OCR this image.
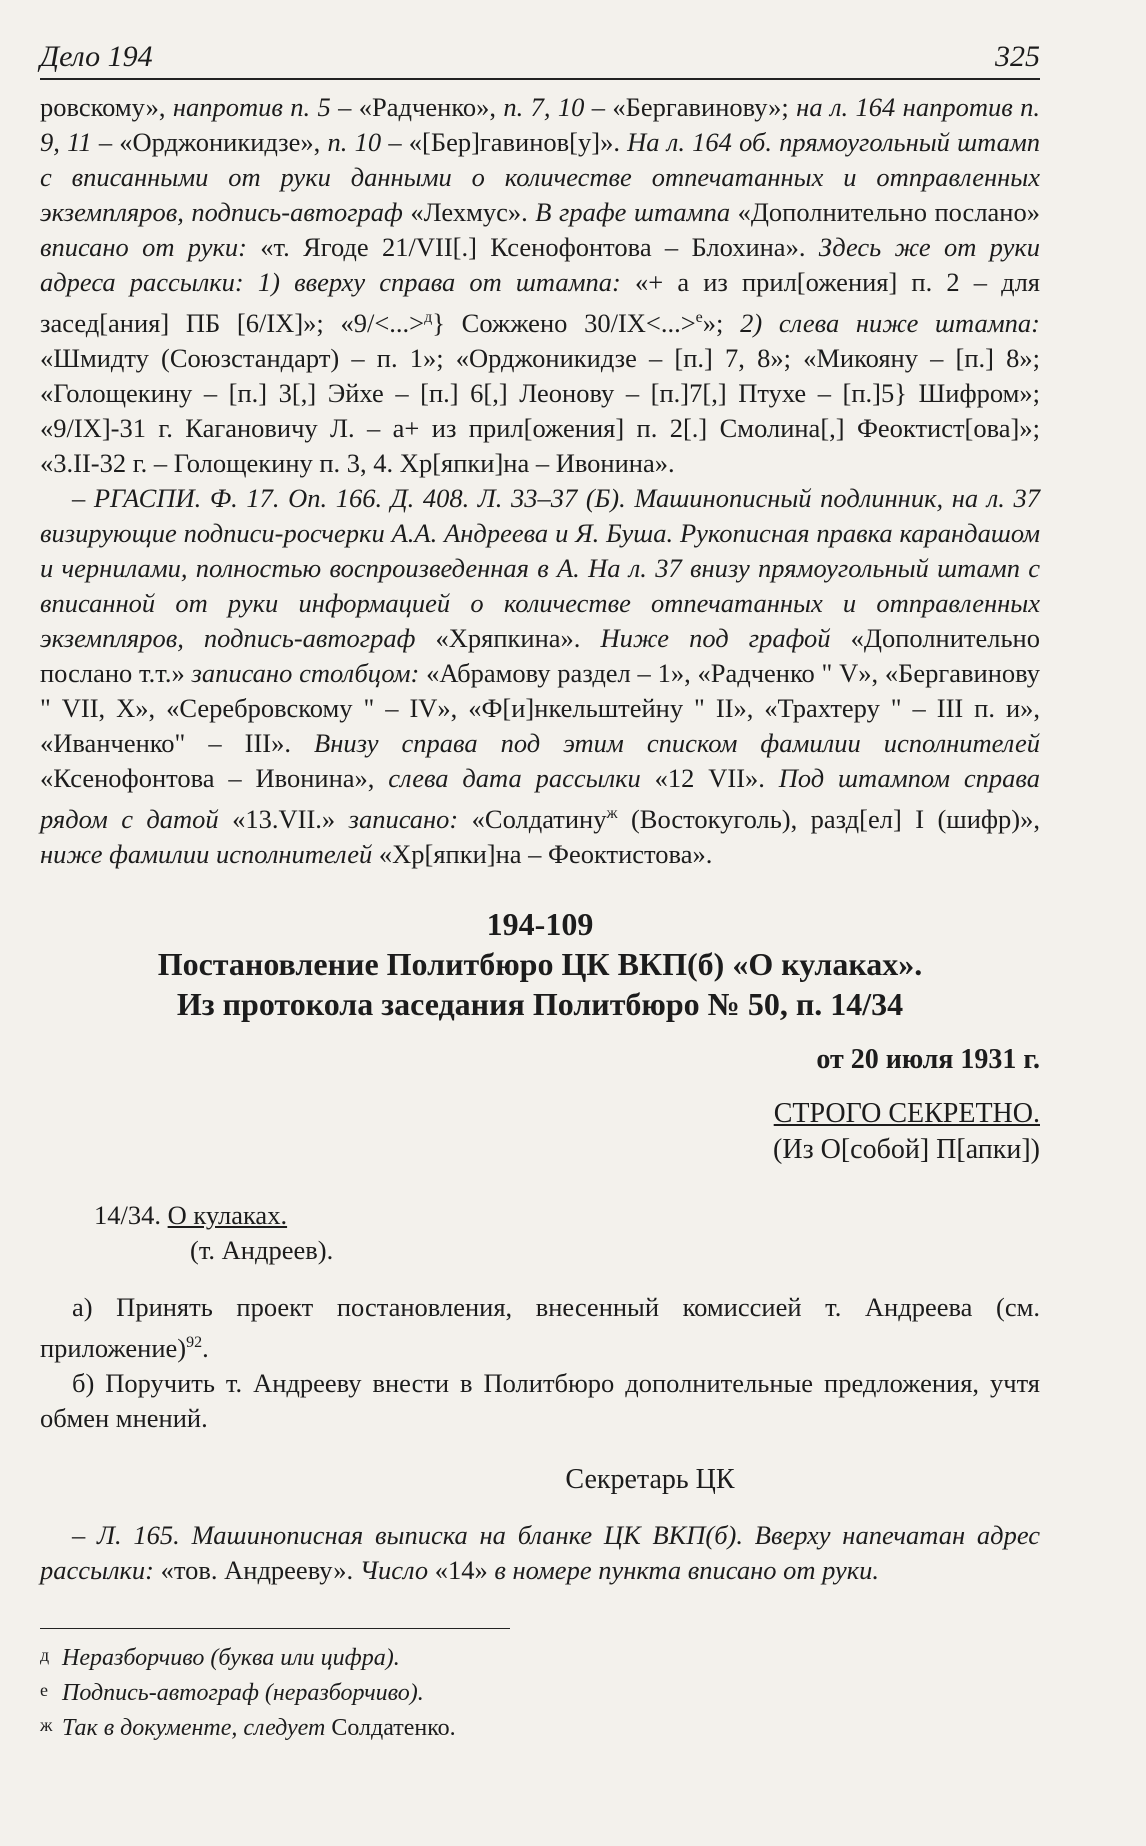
Дело 194	325

ровскому», напротив п. 5 – «Радченко», п. 7, 10 – «Бергавинову»; на л. 164 напротив п. 9, 11 – «Орджоникидзе», п. 10 – «[Бер]гавинов[у]». На л. 164 об. прямоугольный штамп с вписанными от руки данными о количестве отпечатанных и отправленных экземпляров, подпись-автограф «Лехмус». В графе штампа «Дополнительно послано» вписано от руки: «т. Ягоде 21/VII[.] Ксенофонтова – Блохина». Здесь же от руки адреса рассылки: 1) вверху справа от штампа: «+ а из прил[ожения] п. 2 – для засед[ания] ПБ [6/IX]»; «9/<...>$^д$} Сожжено 30/IX<...>$^е$»; 2) слева ниже штампа: «Шмидту (Союзстандарт) – п. 1»; «Орджоникидзе – [п.] 7, 8»; «Микояну – [п.] 8»; «Голощекину – [п.] 3[,] Эйхе – [п.] 6[,] Леонову – [п.]7[,] Птухе – [п.]5} Шифром»; «9/IX]-31 г. Кагановичу Л. – а+ из прил[ожения] п. 2[.] Смолина[,] Феоктист[ова]»; «3.II-32 г. – Голощекину п. 3, 4. Хр[япки]на – Ивонина».

– РГАСПИ. Ф. 17. Оп. 166. Д. 408. Л. 33–37 (Б). Машинописный подлинник, на л. 37 визирующие подписи-росчерки А.А. Андреева и Я. Буша. Рукописная правка карандашом и чернилами, полностью воспроизведенная в А. На л. 37 внизу прямоугольный штамп с вписанной от руки информацией о количестве отпечатанных и отправленных экземпляров, подпись-автограф «Хряпкина». Ниже под графой «Дополнительно послано т.т.» записано столбцом: «Абрамову раздел – 1», «Радченко " V», «Бергавинову " VII, X», «Серебровскому " – IV», «Ф[и]нкельштейну " II», «Трахтеру " – III п. и», «Иванченко" – III». Внизу справа под этим списком фамилии исполнителей «Ксенофонтова – Ивонина», слева дата рассылки «12 VII». Под штампом справа рядом с датой «13.VII.» записано: «Солдатину$^ж$ (Востокуголь), разд[ел] I (шифр)», ниже фамилии исполнителей «Хр[япки]на – Феоктистова».

194-109

Постановление Политбюро ЦК ВКП(б) «О кулаках».

Из протокола заседания Политбюро № 50, п. 14/34

от 20 июля 1931 г.
СТРОГО СЕКРЕТНО.
(Из О[собой] П[апки])
14/34. О кулаках.
(т. Андреев).

а) Принять проект постановления, внесенный комиссией т. Андреева (см. приложение)$^{92}$.

б) Поручить т. Андрееву внести в Политбюро дополнительные предложения, учтя обмен мнений.

Секретарь ЦК

– Л. 165. Машинописная выписка на бланке ЦК ВКП(б). Вверху напечатан адрес рассылки: «тов. Андрееву». Число «14» в номере пункта вписано от руки.

д Неразборчиво (буква или цифра).
е Подпись-автограф (неразборчиво).
ж Так в документе, следует Солдатенко.
